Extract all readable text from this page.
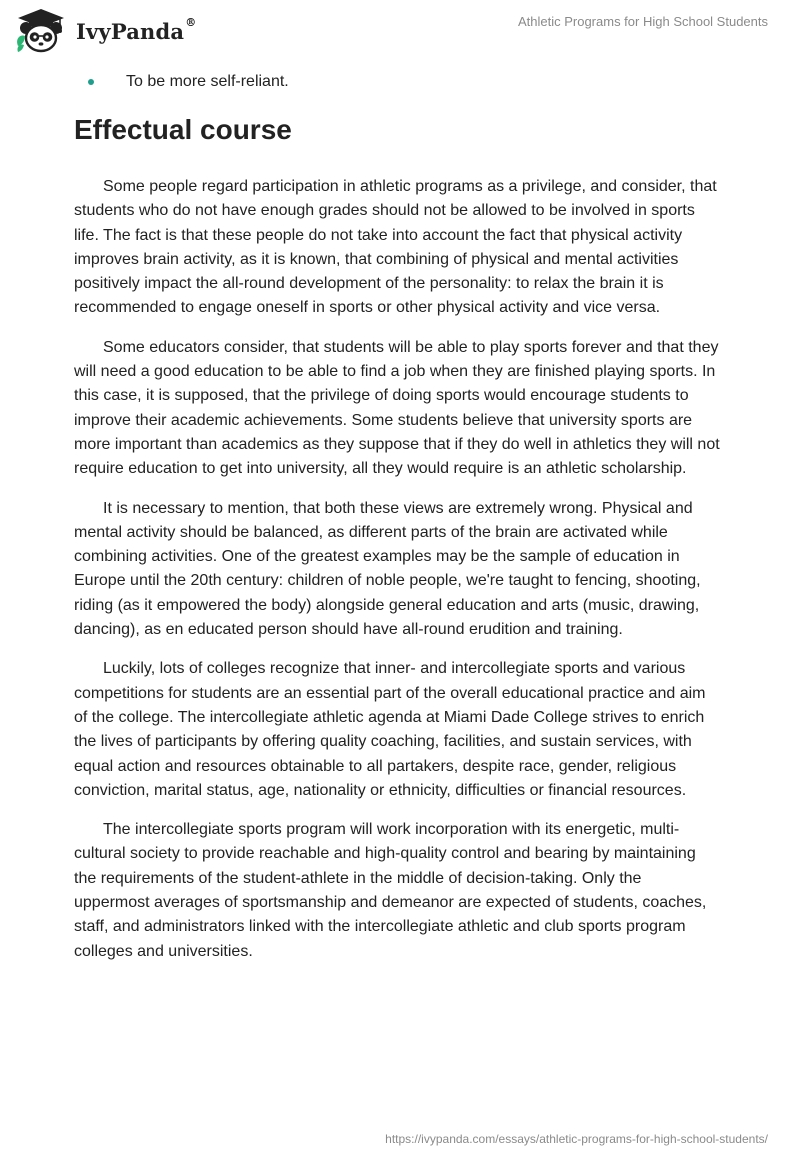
IvyPanda®	Athletic Programs for High School Students
To be more self-reliant.
Effectual course

Some people regard participation in athletic programs as a privilege, and consider, that students who do not have enough grades should not be allowed to be involved in sports life. The fact is that these people do not take into account the fact that physical activity improves brain activity, as it is known, that combining of physical and mental activities positively impact the all-round development of the personality: to relax the brain it is recommended to engage oneself in sports or other physical activity and vice versa.

Some educators consider, that students will be able to play sports forever and that they will need a good education to be able to find a job when they are finished playing sports. In this case, it is supposed, that the privilege of doing sports would encourage students to improve their academic achievements. Some students believe that university sports are more important than academics as they suppose that if they do well in athletics they will not require education to get into university, all they would require is an athletic scholarship.

It is necessary to mention, that both these views are extremely wrong. Physical and mental activity should be balanced, as different parts of the brain are activated while combining activities. One of the greatest examples may be the sample of education in Europe until the 20th century: children of noble people, we're taught to fencing, shooting, riding (as it empowered the body) alongside general education and arts (music, drawing, dancing), as en educated person should have all-round erudition and training.

Luckily, lots of colleges recognize that inner- and intercollegiate sports and various competitions for students are an essential part of the overall educational practice and aim of the college. The intercollegiate athletic agenda at Miami Dade College strives to enrich the lives of participants by offering quality coaching, facilities, and sustain services, with equal action and resources obtainable to all partakers, despite race, gender, religious conviction, marital status, age, nationality or ethnicity, difficulties or financial resources.

The intercollegiate sports program will work incorporation with its energetic, multi-cultural society to provide reachable and high-quality control and bearing by maintaining the requirements of the student-athlete in the middle of decision-taking. Only the uppermost averages of sportsmanship and demeanor are expected of students, coaches, staff, and administrators linked with the intercollegiate athletic and club sports program colleges and universities.

https://ivypanda.com/essays/athletic-programs-for-high-school-students/
